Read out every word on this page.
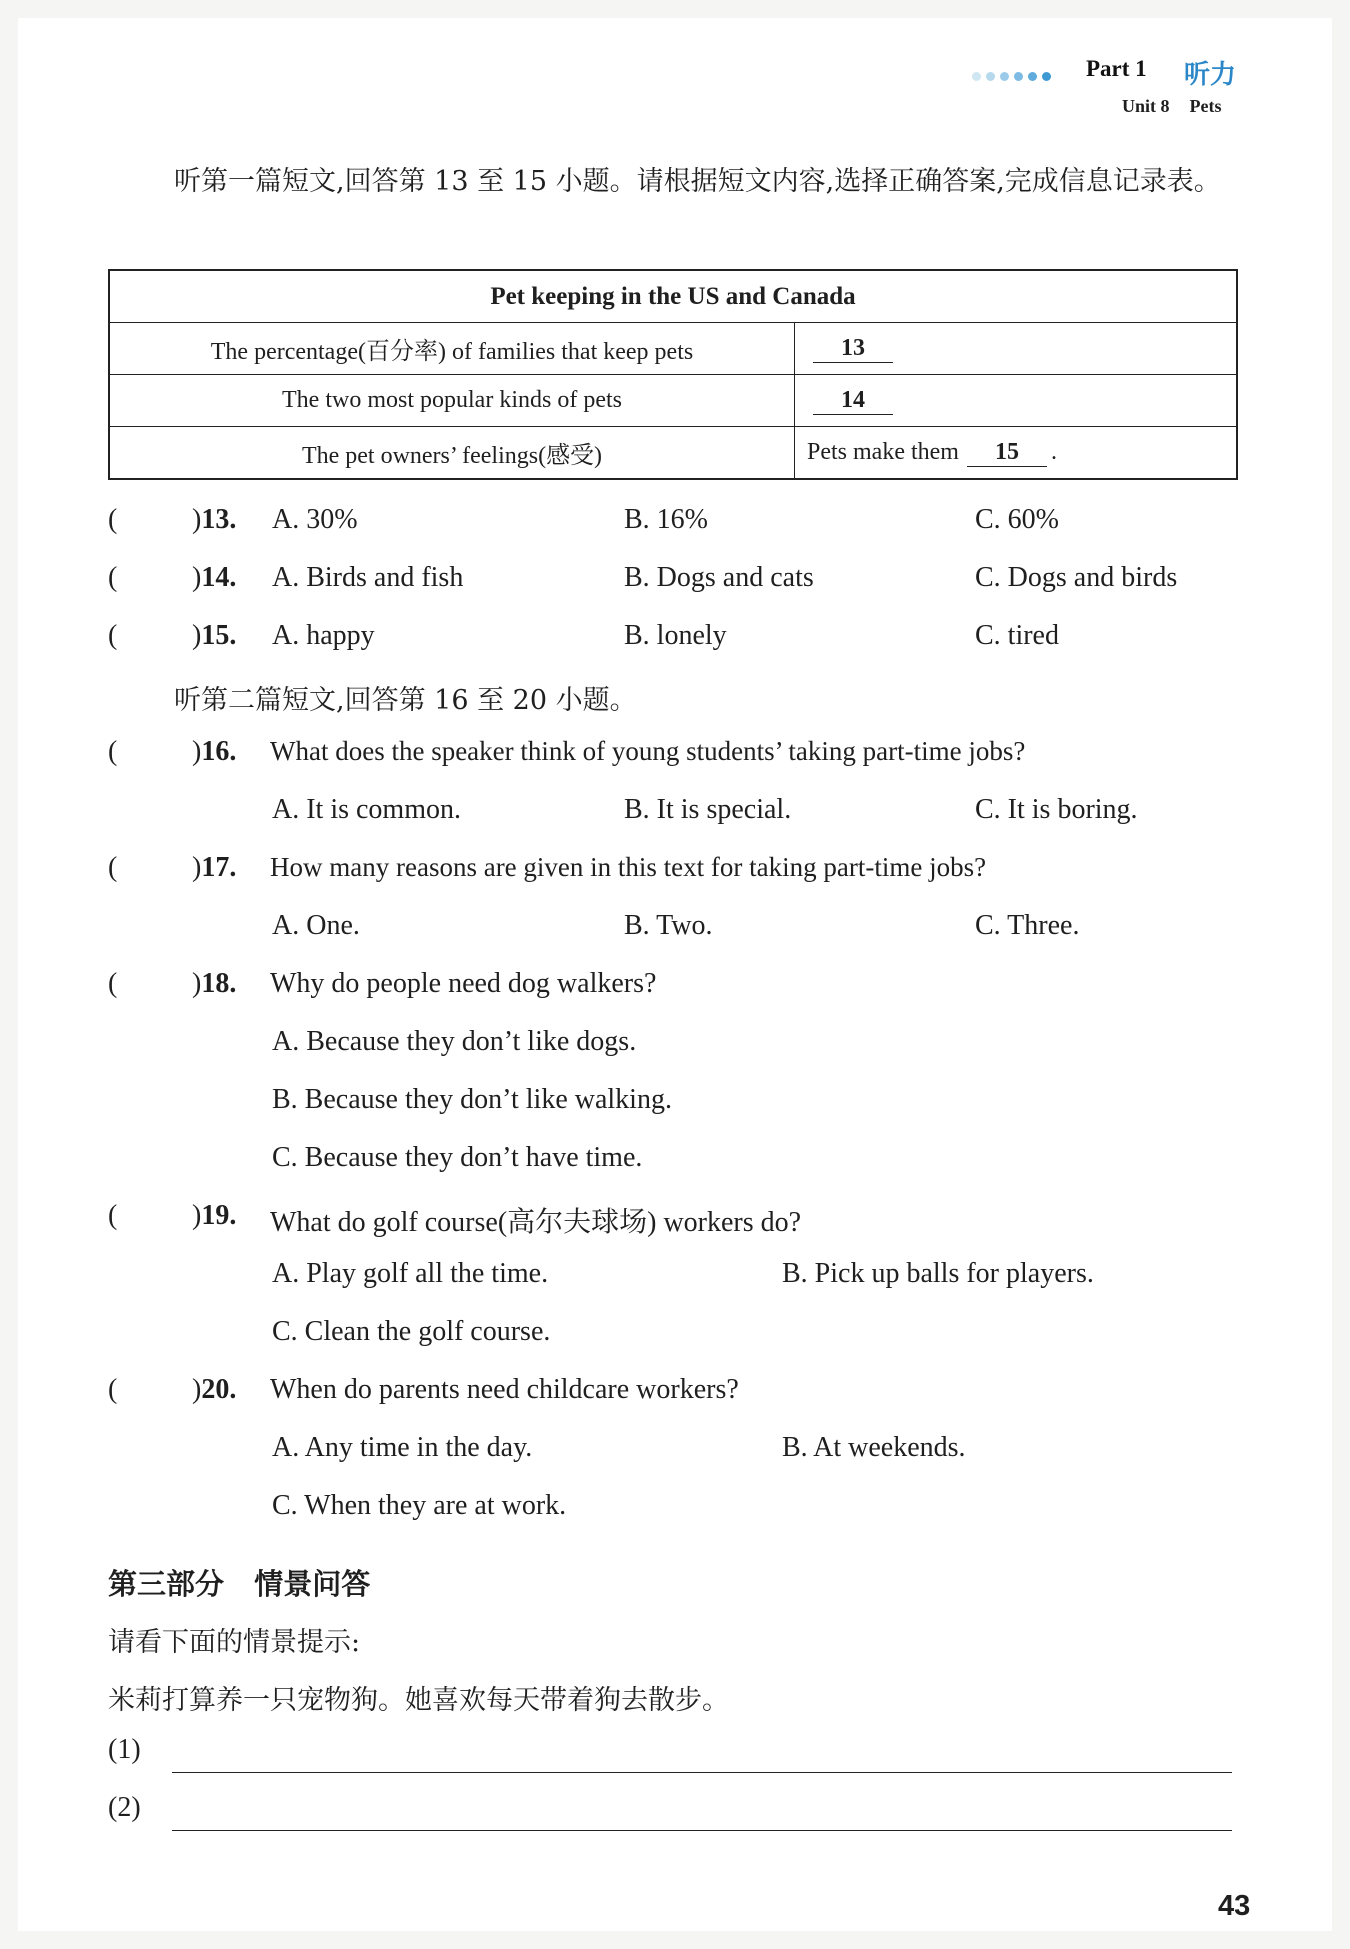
Part 1 听力
Unit 8 Pets
听第一篇短文,回答第 13 至 15 小题。请根据短文内容,选择正确答案,完成信息记录表。
Pet keeping in the US and Canada	
The percentage(百分率) of families that keep pets	13
The two most popular kinds of pets	14
The pet owners’ feelings(感受)	Pets make them 15 .
(	)13. A. 30%	B. 16%	C. 60%
(	)14. A. Birds and fish	B. Dogs and cats	C. Dogs and birds
(	)15. A. happy	B. lonely	C. tired
听第二篇短文,回答第 16 至 20 小题。
(	)16. What does the speaker think of young students’ taking part-time jobs?
A. It is common.	B. It is special.	C. It is boring.
(	)17. How many reasons are given in this text for taking part-time jobs?
A. One.	B. Two.	C. Three.
(	)18. Why do people need dog walkers?
A. Because they don’t like dogs.
B. Because they don’t like walking.
C. Because they don’t have time.
(	)19. What do golf course(高尔夫球场) workers do?
A. Play golf all the time.	B. Pick up balls for players.
C. Clean the golf course.
(	)20. When do parents need childcare workers?
A. Any time in the day.	B. At weekends.
C. When they are at work.
第三部分   情景问答
请看下面的情景提示:
米莉打算养一只宠物狗。她喜欢每天带着狗去散步。
(1)
(2)
43
